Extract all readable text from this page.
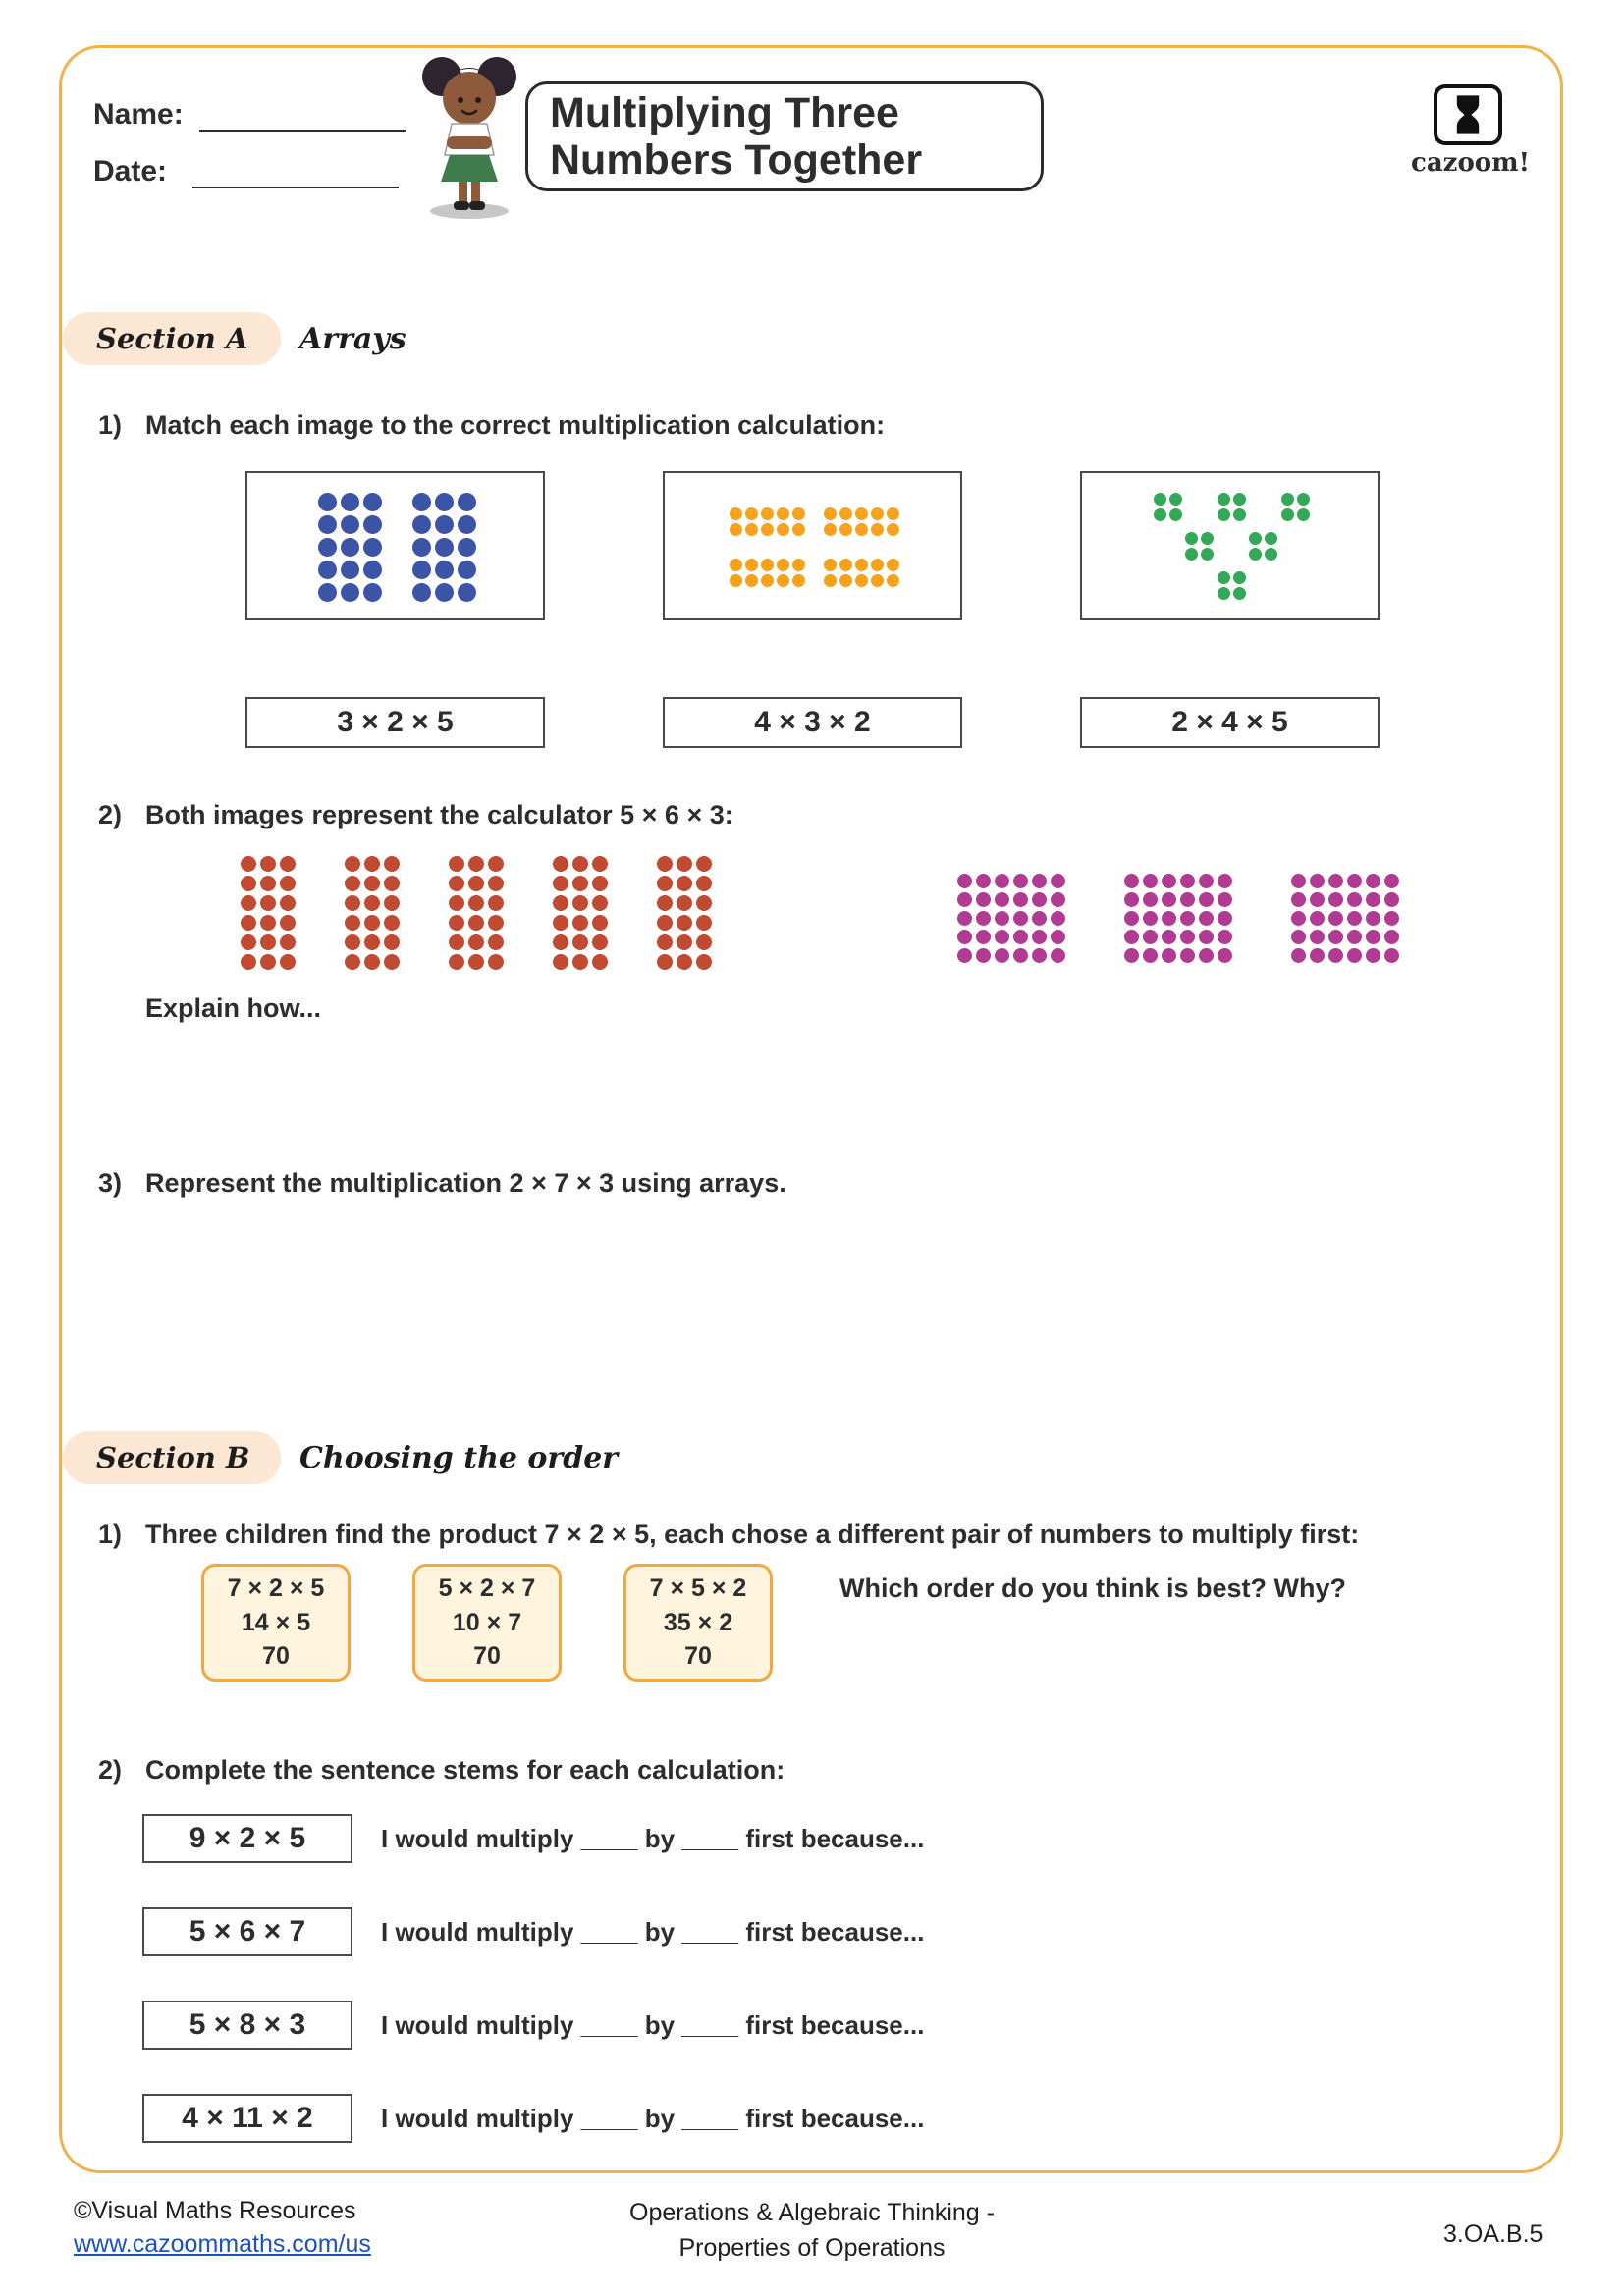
Name:
Date:
Multiplying Three
Numbers Together	cazoom!
Section A	Arrays
1) Match each image to the correct multiplication calculation:
3 × 2 × 5	4 × 3 × 2	2 × 4 × 5
2) Both images represent the calculator 5 × 6 × 3:
Explain how...
3) Represent the multiplication 2 × 7 × 3 using arrays.
Section B	Choosing the order
1) Three children find the product 7 × 2 × 5, each chose a different pair of numbers to multiply first:
7 × 2 × 5
14 × 5
70
5 × 2 × 7
10 × 7
70
7 × 5 × 2
35 × 2
70
Which order do you think is best? Why?
2) Complete the sentence stems for each calculation:
9 × 2 × 5	I would multiply ____ by ____ first because...
5 × 6 × 7	I would multiply ____ by ____ first because...
5 × 8 × 3	I would multiply ____ by ____ first because...
4 × 11 × 2	I would multiply ____ by ____ first because...
©Visual Maths Resources
www.cazoommaths.com/us
Operations & Algebraic Thinking -
Properties of Operations
3.OA.B.5
